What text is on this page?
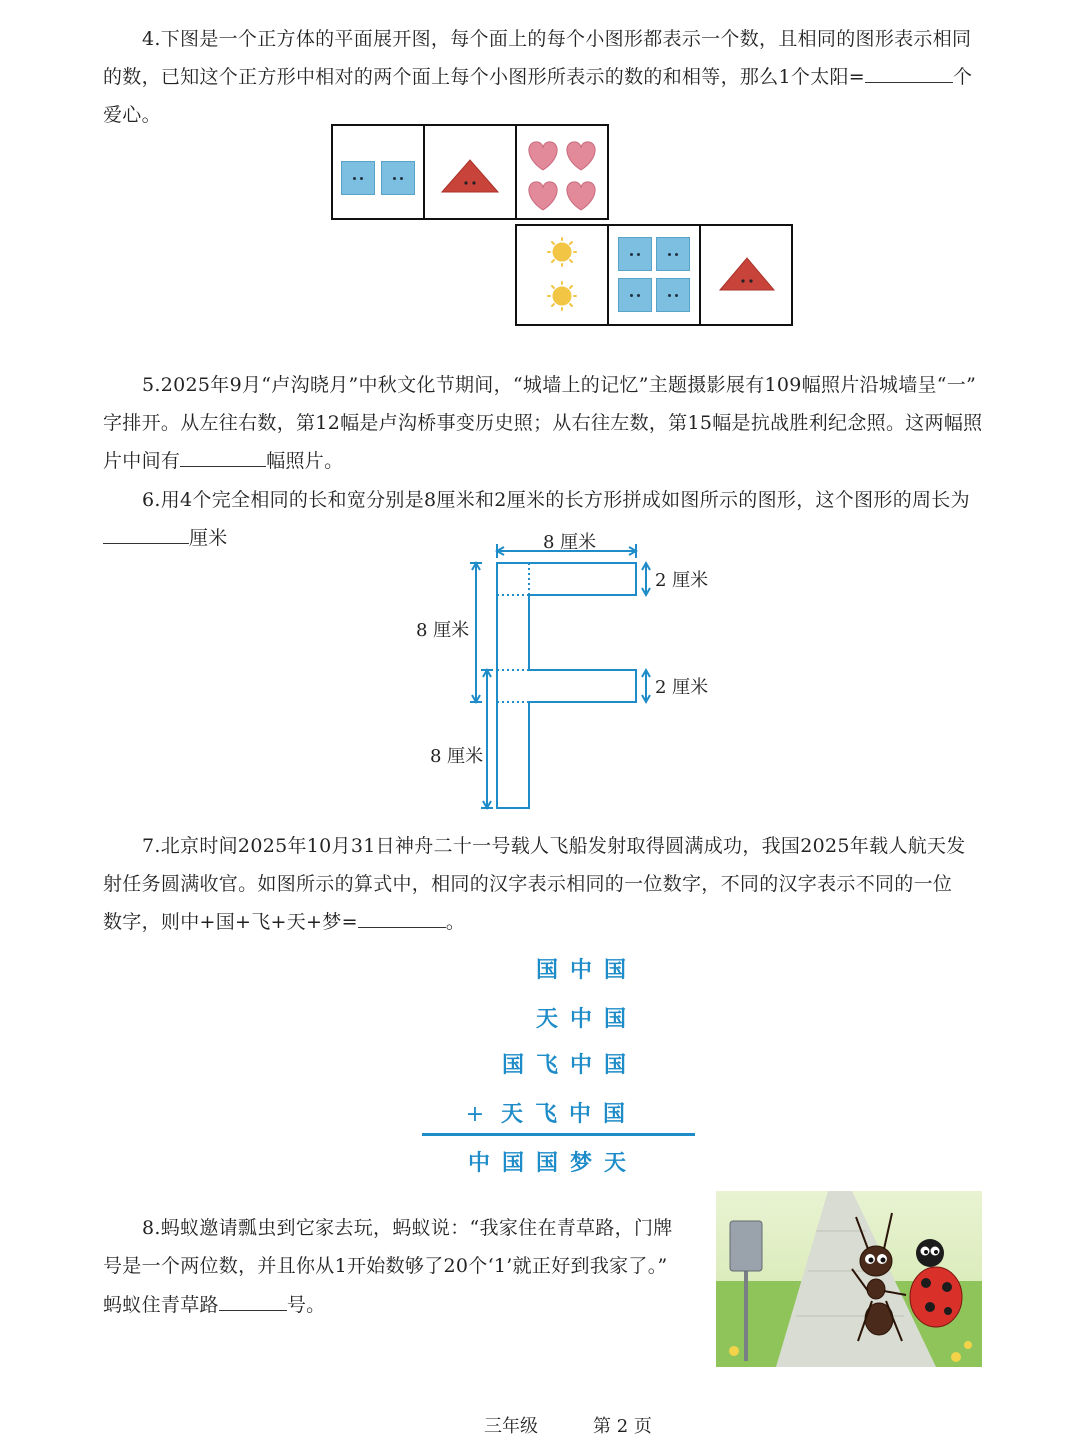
4.下图是一个正方体的平面展开图，每个面上的每个小图形都表示一个数，且相同的图形表示相同

的数，已知这个正方形中相对的两个面上每个小图形所表示的数的和相等，那么1个太阳=	个

爱心。

5.2025年9月“卢沟晓月”中秋文化节期间，“城墙上的记忆”主题摄影展有109幅照片沿城墙呈“一”

字排开。从左往右数，第12幅是卢沟桥事变历史照；从右往左数，第15幅是抗战胜利纪念照。这两幅照

片中间有	幅照片。

6.用4个完全相同的长和宽分别是8厘米和2厘米的长方形拼成如图所示的图形，这个图形的周长为

厘米	8 厘米
2 厘米
2 厘米
8 厘米
8 厘米

7.北京时间2025年10月31日神舟二十一号载人飞船发射取得圆满成功，我国2025年载人航天发

射任务圆满收官。如图所示的算式中，相同的汉字表示相同的一位数字，不同的汉字表示不同的一位

数字，则中+国+飞+天+梦=	。

国 中 国
天 中 国
国 飞 中 国
+ 天 飞 中 国
中 国 国 梦 天

8.蚂蚁邀请瓢虫到它家去玩，蚂蚁说：“我家住在青草路，门牌

号是一个两位数，并且你从1开始数够了20个‘1’就正好到我家了。”

蚂蚁住青草路	号。

三年级	第 2 页
